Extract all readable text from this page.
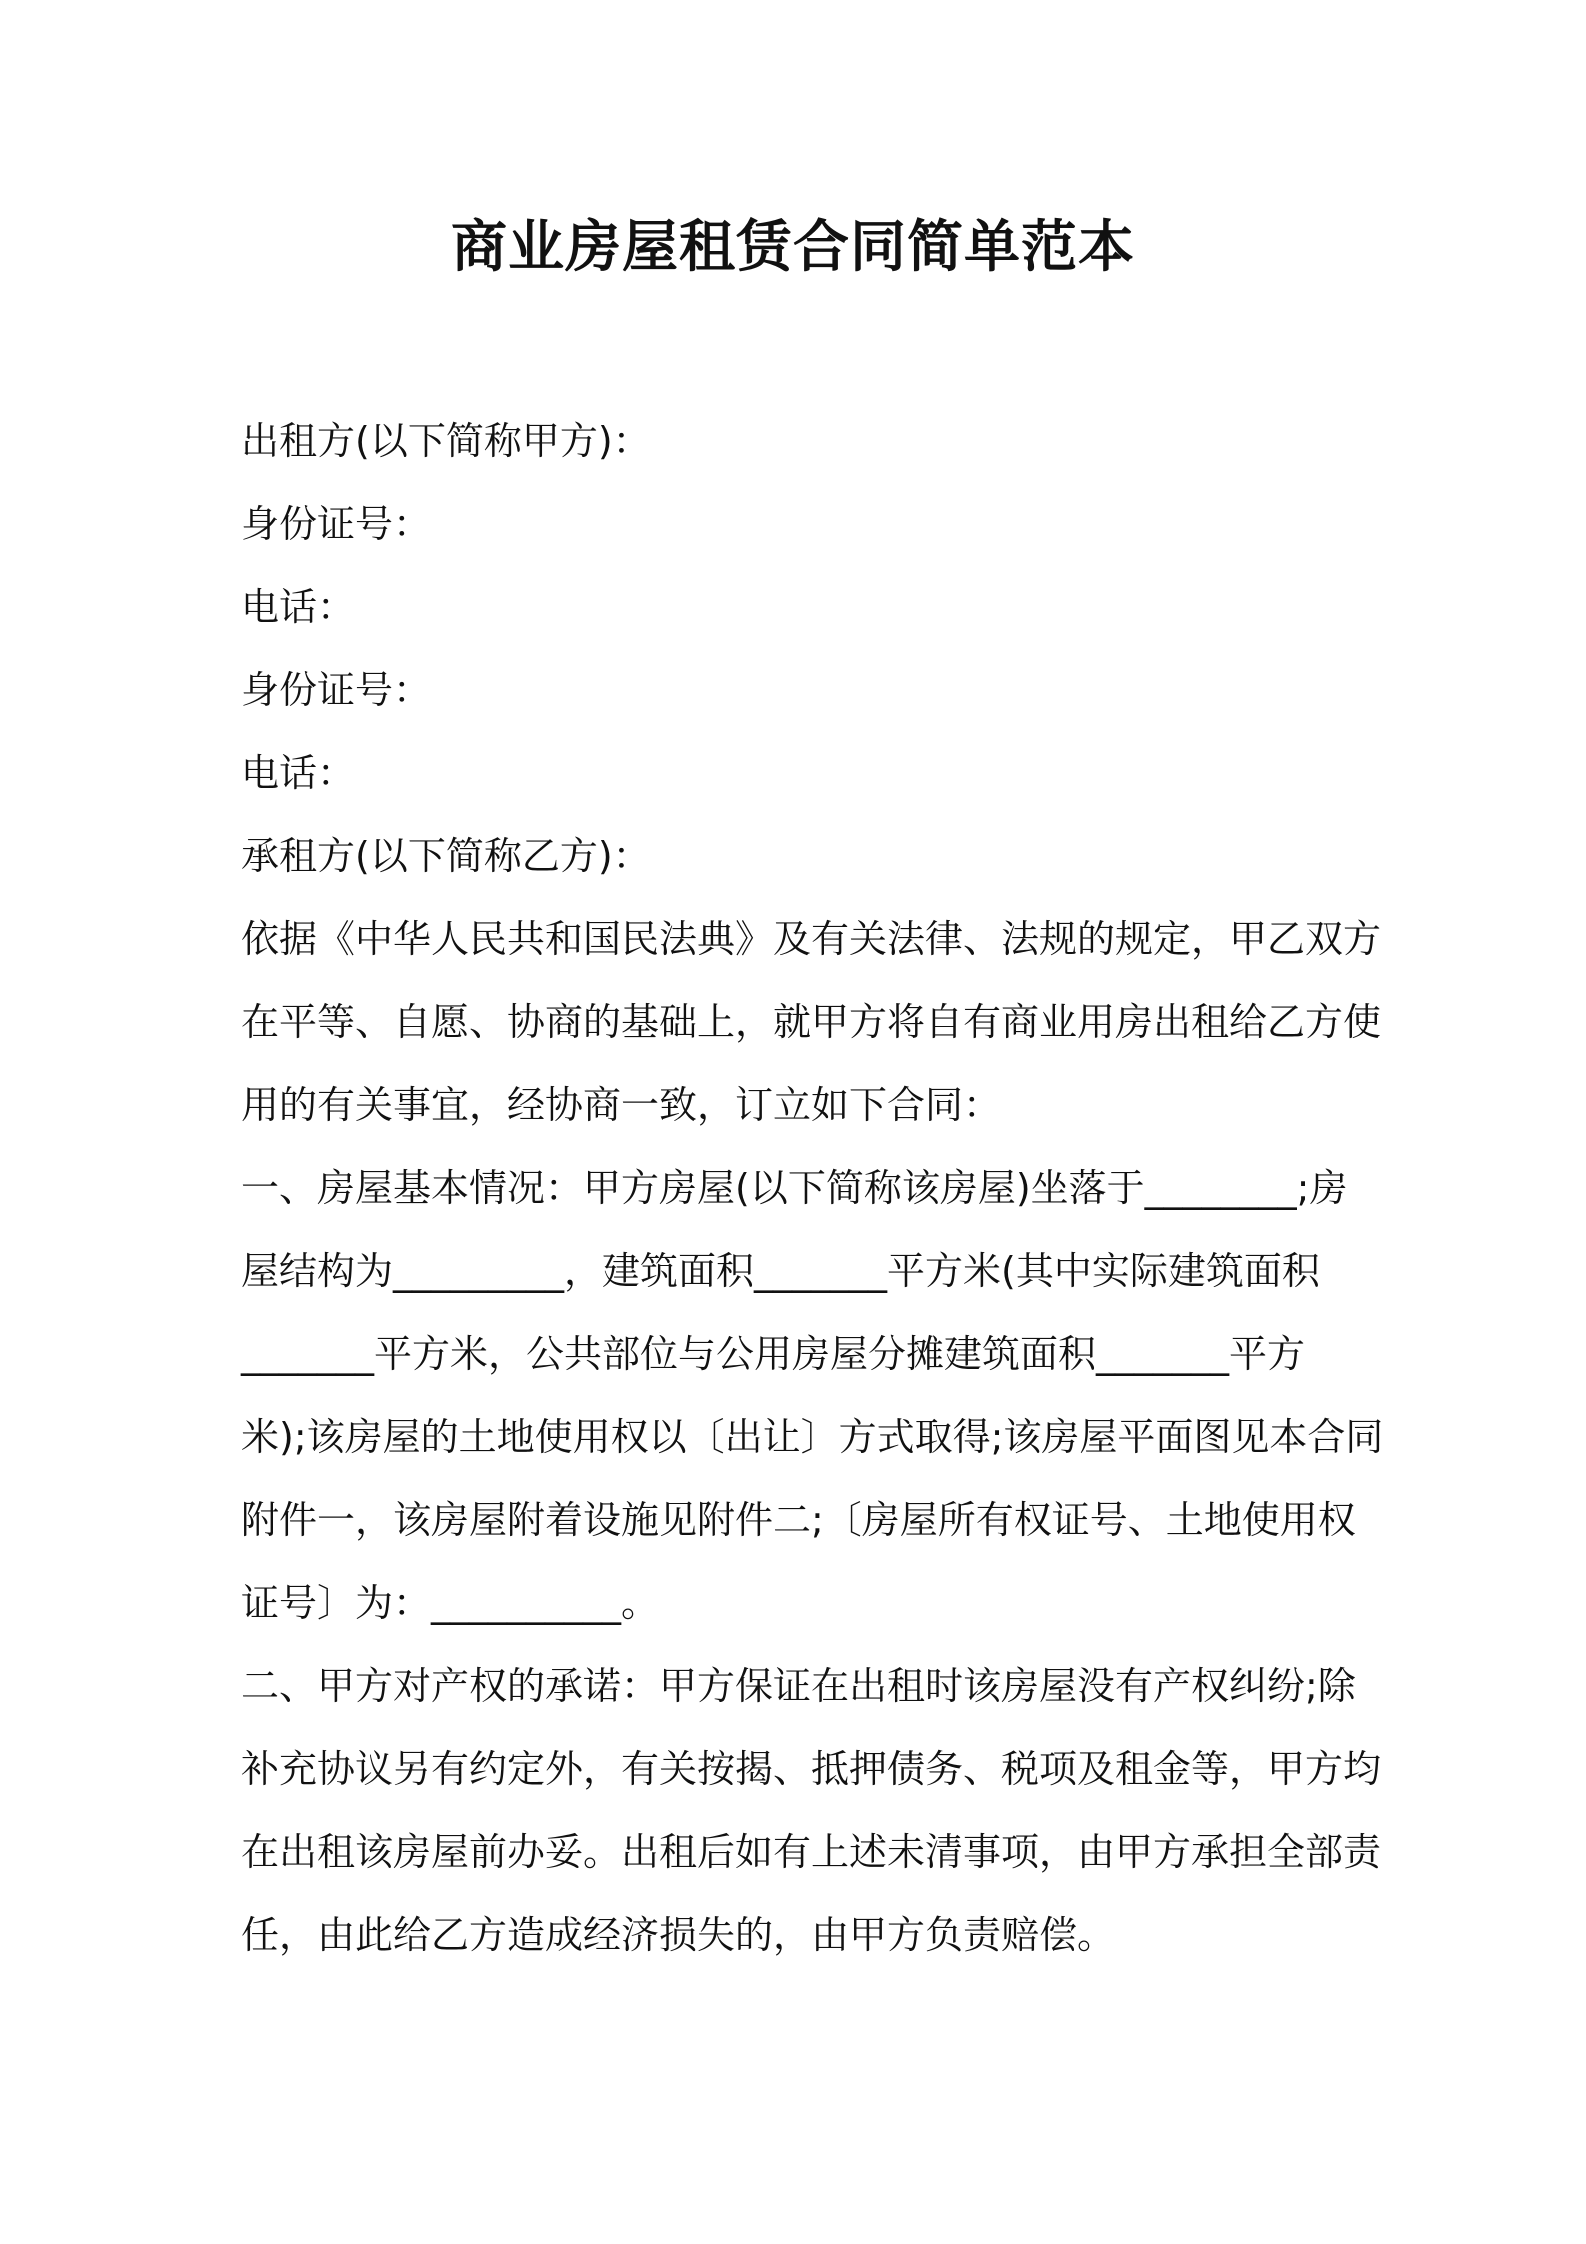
商业房屋租赁合同简单范本
出租方(以下简称甲方)：
身份证号：
电话：
身份证号：
电话：
承租方(以下简称乙方)：
依据《中华人民共和国民法典》及有关法律、法规的规定，甲乙双方
在平等、自愿、协商的基础上，就甲方将自有商业用房出租给乙方使
用的有关事宜，经协商一致，订立如下合同：
一、房屋基本情况：甲方房屋(以下简称该房屋)坐落于________;房
屋结构为_________，建筑面积_______平方米(其中实际建筑面积
_______平方米，公共部位与公用房屋分摊建筑面积_______平方
米);该房屋的土地使用权以〔出让〕方式取得;该房屋平面图见本合同
附件一，该房屋附着设施见附件二;〔房屋所有权证号、土地使用权
证号〕为：__________。
二、甲方对产权的承诺：甲方保证在出租时该房屋没有产权纠纷;除
补充协议另有约定外，有关按揭、抵押债务、税项及租金等，甲方均
在出租该房屋前办妥。出租后如有上述未清事项，由甲方承担全部责
任，由此给乙方造成经济损失的，由甲方负责赔偿。
